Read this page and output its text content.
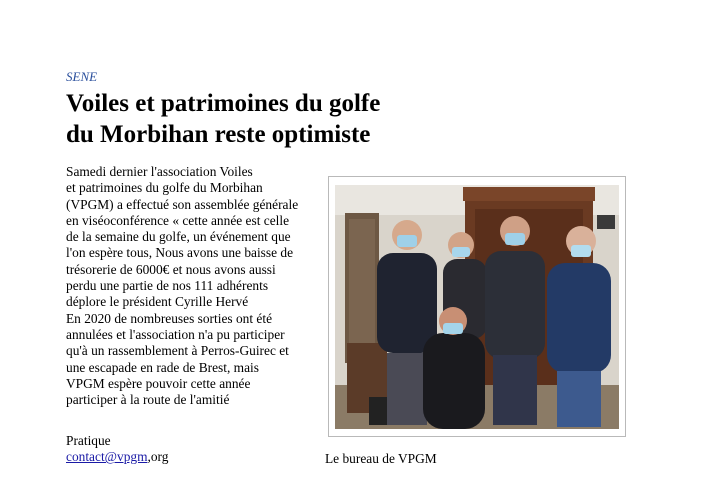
SENE
Voiles et patrimoines du golfe
du Morbihan reste optimiste
Samedi dernier l'association Voiles
et patrimoines du golfe du Morbihan
(VPGM) a effectué son assemblée générale
en viséoconférence « cette année est celle
de la semaine du golfe, un événement que
l'on espère tous, Nous avons une baisse de
trésorerie de 6000€ et nous avons aussi
perdu une partie de nos 111 adhérents
déplore le président Cyrille Hervé
En 2020 de nombreuses sorties ont été
annulées et l'association n'a pu participer
qu'à un rassemblement à Perros-Guirec et
une escapade en rade de Brest, mais
VPGM espère pouvoir cette année
participer à la route de l'amitié
Pratique
contact@vpgm,org	Le bureau de VPGM
